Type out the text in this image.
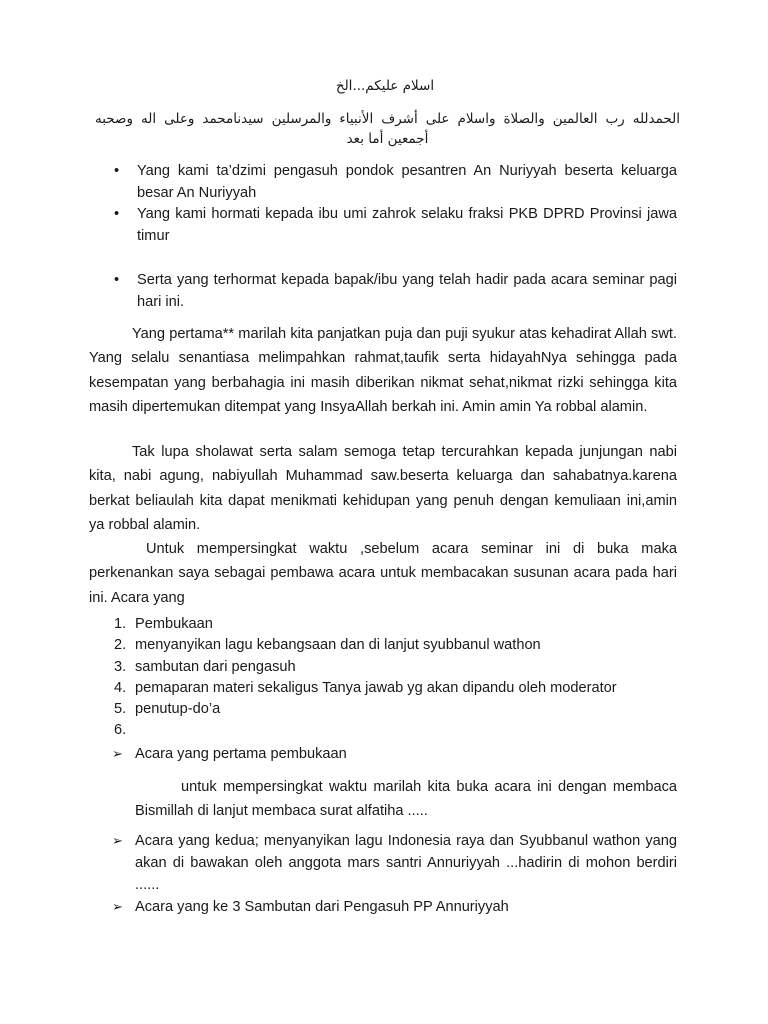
اسلام عليكم...الخ
الحمدلله رب العالمين والصلاة واسلام على أشرف الأنبياء والمرسلين سيدنامحمد وعلى اله وصحبه أجمعين أما بعد
• Yang kami ta’dzimi pengasuh pondok pesantren An Nuriyyah beserta keluarga besar An Nuriyyah
• Yang kami hormati kepada ibu umi zahrok selaku fraksi PKB DPRD Provinsi jawa timur
• Serta yang terhormat kepada bapak/ibu yang telah hadir pada acara seminar pagi hari ini.

Yang pertama** marilah kita panjatkan puja dan puji syukur atas kehadirat Allah swt. Yang selalu senantiasa melimpahkan rahmat,taufik serta hidayahNya sehingga pada kesempatan yang berbahagia ini masih diberikan nikmat sehat,nikmat rizki sehingga kita masih dipertemukan ditempat yang InsyaAllah berkah ini. Amin amin Ya robbal alamin.

Tak lupa sholawat serta salam semoga tetap tercurahkan kepada junjungan nabi kita, nabi agung, nabiyullah Muhammad saw.beserta keluarga dan sahabatnya.karena berkat beliaulah kita dapat menikmati kehidupan yang penuh dengan kemuliaan ini,amin ya robbal alamin.

Untuk mempersingkat waktu ,sebelum acara seminar ini di buka maka perkenankan saya sebagai pembawa acara untuk membacakan susunan acara pada hari ini. Acara yang

1. Pembukaan
2. menyanyikan lagu kebangsaan dan di lanjut syubbanul wathon
3. sambutan dari pengasuh
4. pemaparan materi sekaligus Tanya jawab yg akan dipandu oleh moderator
5. penutup-do’a
6.
➢ Acara yang pertama pembukaan

untuk mempersingkat waktu marilah kita buka acara ini dengan membaca Bismillah di lanjut membaca surat alfatiha .....

➢ Acara yang kedua; menyanyikan lagu Indonesia raya dan Syubbanul wathon yang akan di bawakan oleh anggota mars santri Annuriyyah ...hadirin di mohon berdiri ......
➢ Acara yang ke 3 Sambutan dari Pengasuh PP Annuriyyah
